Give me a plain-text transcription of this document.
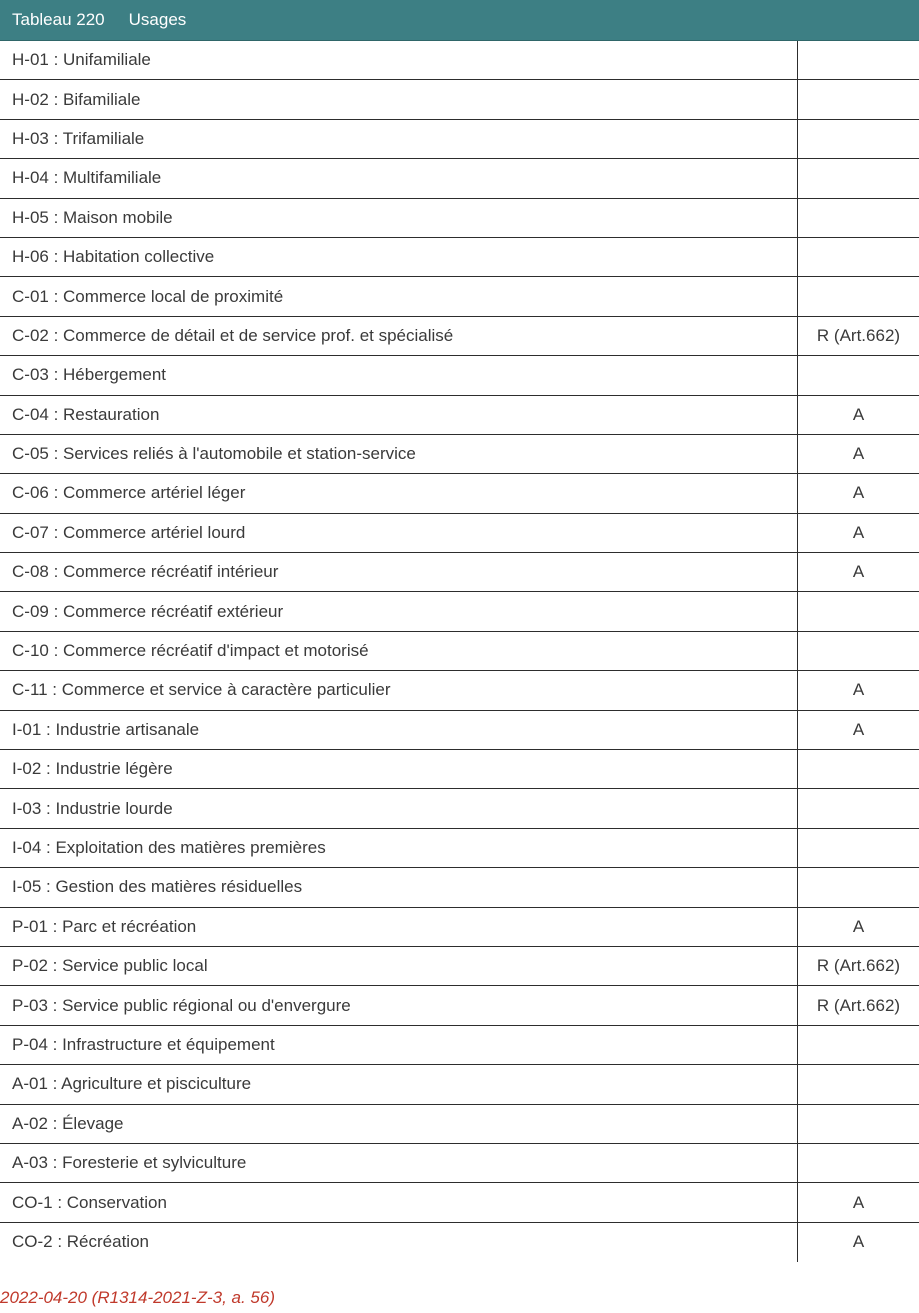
Tableau 220 Usages
H-01 : Unifamiliale
H-02 : Bifamiliale
H-03 : Trifamiliale
H-04 : Multifamiliale
H-05 : Maison mobile
H-06 : Habitation collective
C-01 : Commerce local de proximité
C-02 : Commerce de détail et de service prof. et spécialisé	R (Art.662)
C-03 : Hébergement
C-04 : Restauration	A
C-05 : Services reliés à l'automobile et station-service	A
C-06 : Commerce artériel léger	A
C-07 : Commerce artériel lourd	A
C-08 : Commerce récréatif intérieur	A
C-09 : Commerce récréatif extérieur
C-10 : Commerce récréatif d'impact et motorisé
C-11 : Commerce et service à caractère particulier	A
I-01 : Industrie artisanale	A
I-02 : Industrie légère
I-03 : Industrie lourde
I-04 : Exploitation des matières premières
I-05 : Gestion des matières résiduelles
P-01 : Parc et récréation	A
P-02 : Service public local	R (Art.662)
P-03 : Service public régional ou d'envergure	R (Art.662)
P-04 : Infrastructure et équipement
A-01 : Agriculture et pisciculture
A-02 : Élevage
A-03 : Foresterie et sylviculture
CO-1 : Conservation	A
CO-2 : Récréation	A
2022-04-20 (R1314-2021-Z-3, a. 56)
